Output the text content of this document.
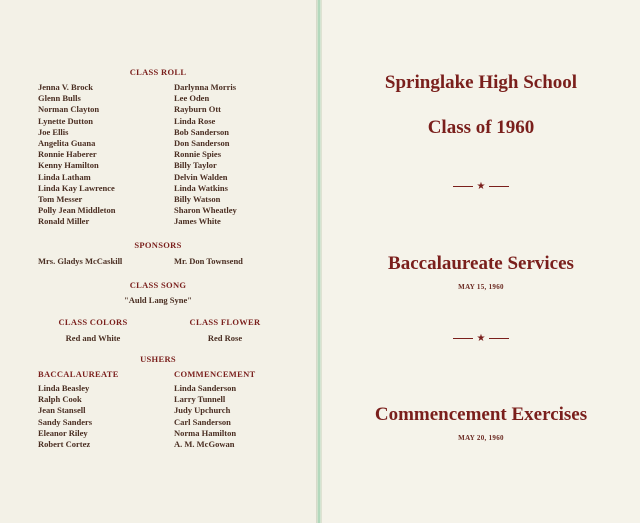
CLASS ROLL
Jenna V. Brock
Glenn Bulls
Norman Clayton
Lynette Dutton
Joe Ellis
Angelita Guana
Ronnie Haberer
Kenny Hamilton
Linda Latham
Linda Kay Lawrence
Tom Messer
Polly Jean Middleton
Ronald Miller
Darlynna Morris
Lee Oden
Rayburn Ott
Linda Rose
Bob Sanderson
Don Sanderson
Ronnie Spies
Billy Taylor
Delvin Walden
Linda Watkins
Billy Watson
Sharon Wheatley
James White
SPONSORS
Mrs. Gladys McCaskill	Mr. Don Townsend
CLASS SONG
"Auld Lang Syne"
CLASS COLORS
Red and White
CLASS FLOWER
Red Rose
USHERS
BACCALAUREATE	COMMENCEMENT
Linda Beasley
Ralph Cook
Jean Stansell
Sandy Sanders
Eleanor Riley
Robert Cortez
Linda Sanderson
Larry Tunnell
Judy Upchurch
Carl Sanderson
Norma Hamilton
A. M. McGowan
Springlake High School
Class of 1960
★
Baccalaureate Services
MAY 15, 1960
★
Commencement Exercises
MAY 20, 1960
